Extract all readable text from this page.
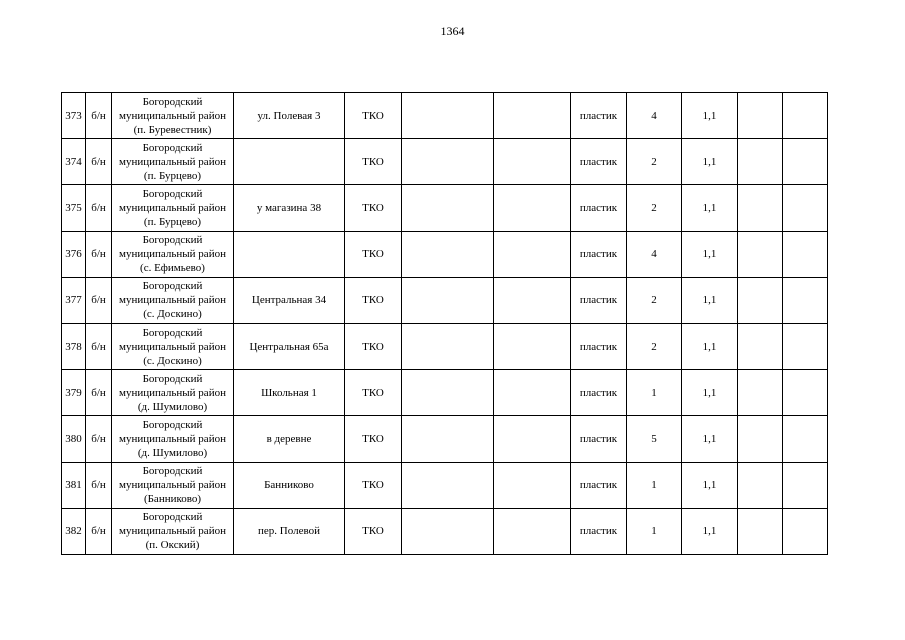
1364
373	б/н	Богородский
муниципальный район
(п. Буревестник)	ул. Полевая 3	ТКО			пластик	4	1,1		
374	б/н	Богородский
муниципальный район
(п. Бурцево)		ТКО			пластик	2	1,1		
375	б/н	Богородский
муниципальный район
(п. Бурцево)	у магазина 38	ТКО			пластик	2	1,1		
376	б/н	Богородский
муниципальный район
(с. Ефимьево)		ТКО			пластик	4	1,1		
377	б/н	Богородский
муниципальный район
(с. Доскино)	Центральная 34	ТКО			пластик	2	1,1		
378	б/н	Богородский
муниципальный район
(с. Доскино)	Центральная 65а	ТКО			пластик	2	1,1		
379	б/н	Богородский
муниципальный район
(д. Шумилово)	Школьная 1	ТКО			пластик	1	1,1		
380	б/н	Богородский
муниципальный район
(д. Шумилово)	в деревне	ТКО			пластик	5	1,1		
381	б/н	Богородский
муниципальный район
(Банниково)	Банниково	ТКО			пластик	1	1,1		
382	б/н	Богородский
муниципальный район
(п. Окский)	пер. Полевой	ТКО			пластик	1	1,1		
